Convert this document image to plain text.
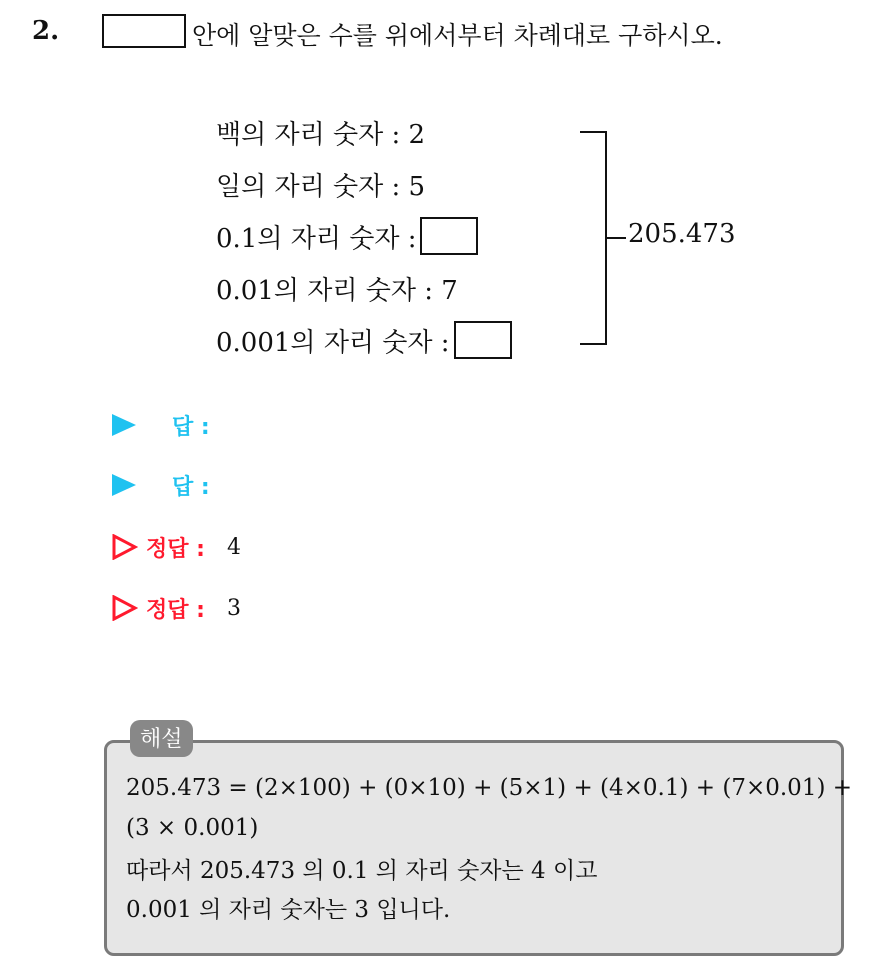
2.	안에 알맞은 수를 위에서부터 차례대로 구하시오.
백의 자리 숫자 : 2
일의 자리 숫자 : 5
0.1의 자리 숫자 :
0.01의 자리 숫자 : 7
0.001의 자리 숫자 :
205.473
답 :
답 :
정답 : 4
정답 : 3
해설
205.473 = (2×100) + (0×10) + (5×1) + (4×0.1) + (7×0.01) +
(3 × 0.001)
따라서 205.473 의 0.1 의 자리 숫자는 4 이고
0.001 의 자리 숫자는 3 입니다.
